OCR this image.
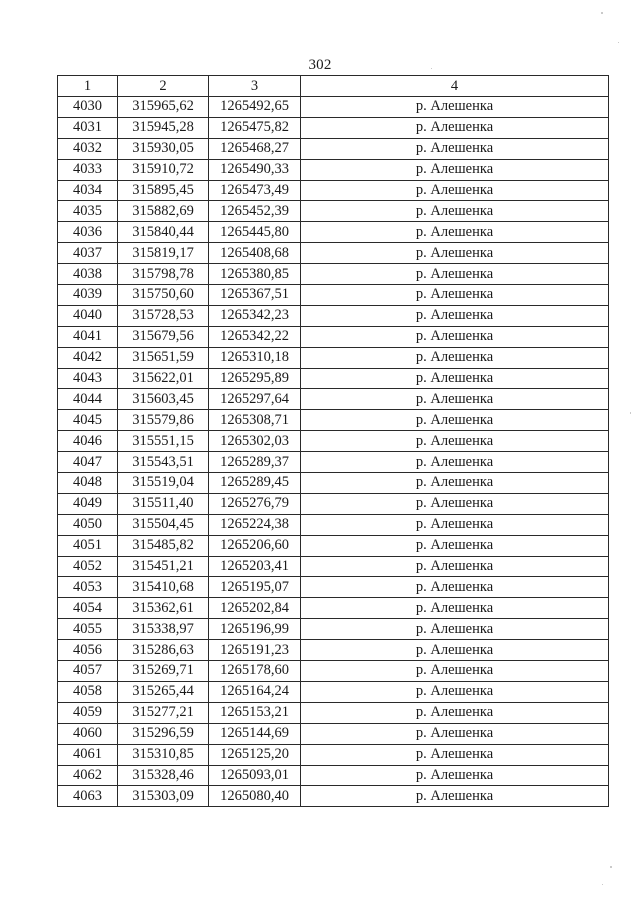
302
1	2	3	4
4030	315965,62	1265492,65	р. Алешенка
4031	315945,28	1265475,82	р. Алешенка
4032	315930,05	1265468,27	р. Алешенка
4033	315910,72	1265490,33	р. Алешенка
4034	315895,45	1265473,49	р. Алешенка
4035	315882,69	1265452,39	р. Алешенка
4036	315840,44	1265445,80	р. Алешенка
4037	315819,17	1265408,68	р. Алешенка
4038	315798,78	1265380,85	р. Алешенка
4039	315750,60	1265367,51	р. Алешенка
4040	315728,53	1265342,23	р. Алешенка
4041	315679,56	1265342,22	р. Алешенка
4042	315651,59	1265310,18	р. Алешенка
4043	315622,01	1265295,89	р. Алешенка
4044	315603,45	1265297,64	р. Алешенка
4045	315579,86	1265308,71	р. Алешенка
4046	315551,15	1265302,03	р. Алешенка
4047	315543,51	1265289,37	р. Алешенка
4048	315519,04	1265289,45	р. Алешенка
4049	315511,40	1265276,79	р. Алешенка
4050	315504,45	1265224,38	р. Алешенка
4051	315485,82	1265206,60	р. Алешенка
4052	315451,21	1265203,41	р. Алешенка
4053	315410,68	1265195,07	р. Алешенка
4054	315362,61	1265202,84	р. Алешенка
4055	315338,97	1265196,99	р. Алешенка
4056	315286,63	1265191,23	р. Алешенка
4057	315269,71	1265178,60	р. Алешенка
4058	315265,44	1265164,24	р. Алешенка
4059	315277,21	1265153,21	р. Алешенка
4060	315296,59	1265144,69	р. Алешенка
4061	315310,85	1265125,20	р. Алешенка
4062	315328,46	1265093,01	р. Алешенка
4063	315303,09	1265080,40	р. Алешенка
